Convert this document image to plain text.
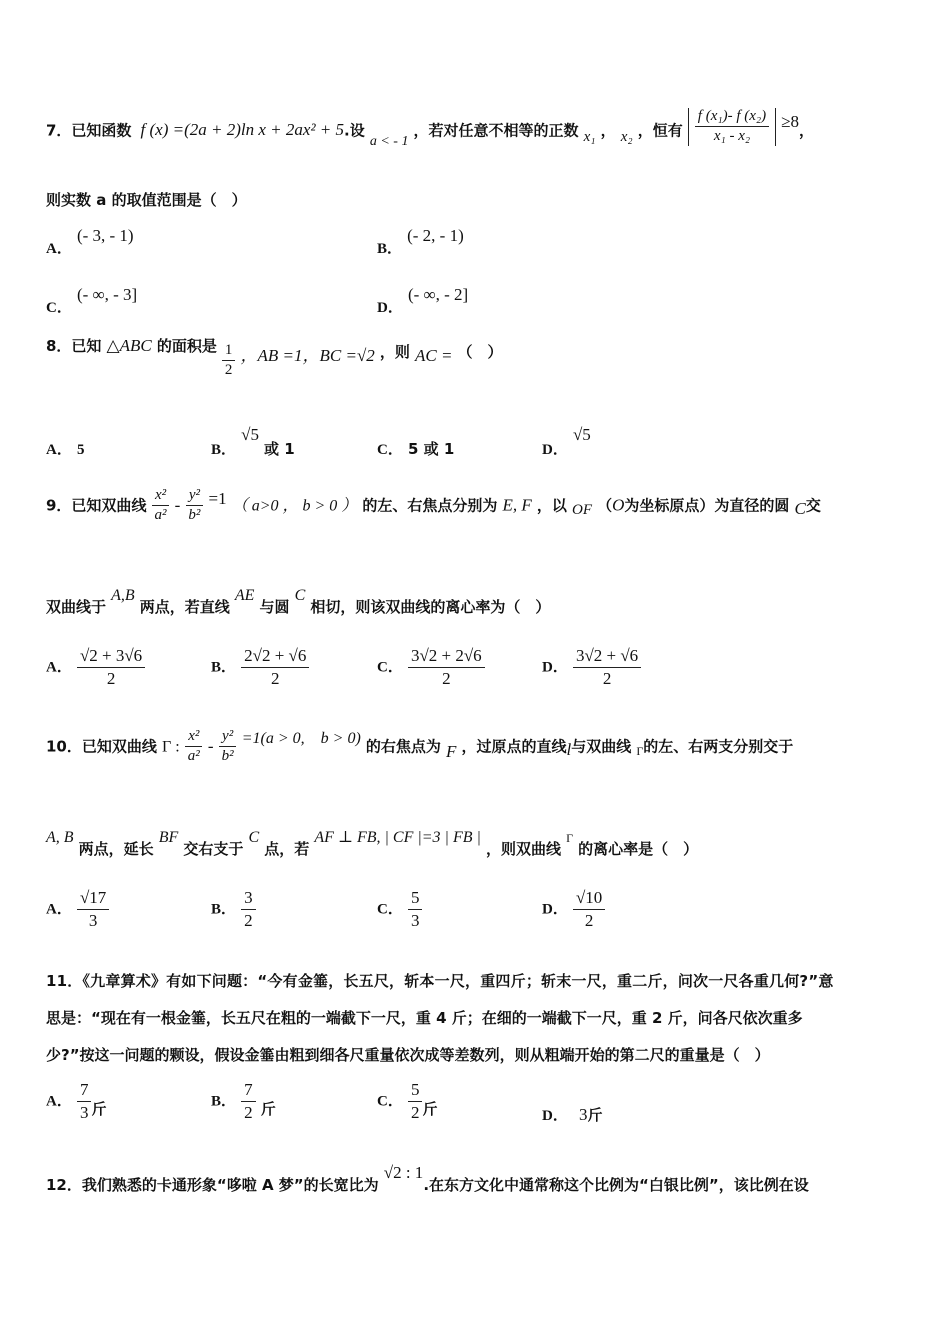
7．已知函数 f (x) =(2a + 2)ln x + 2ax² + 5.设 a < - 1 ，若对任意不相等的正数 x₁ ， x₂ ，恒有 $\frac{\text{f (x₁)- f (x₂)}}{\text{x₁ - x₂}} \ge 8$，
则实数 a 的取值范围是（　）
A． (- 3, - 1)
B． (- 2, - 1)
C． (- ∞, - 3]
D． (- ∞, - 2]
8．已知 △ABC 的面积是 $\frac{1}{2}$ ，AB =1，BC =√2 ，则 AC = （　）
A． 5	B． √5 或 1	C． 5 或 1	D． √5
9．已知双曲线 $\frac{\text{x²}}{\text{a²}} - \frac{\text{y²}}{\text{b²}} =1$ （ a>0 ， b > 0 ） 的左、右焦点分别为 E, F ，以 OF （O为坐标原点）为直径的圆 C交
双曲线于 A,B 两点，若直线 AE 与圆 C 相切，则该双曲线的离心率为（　）
A． $\frac{√2 + 3√6}{2}$	B． $\frac{2√2 + √6}{2}$	C． $\frac{3√2 + 2√6}{2}$	D． $\frac{3√2 + √6}{2}$
10．已知双曲线 Γ : $\frac{\text{x²}}{\text{a²}} - \frac{\text{y²}}{\text{b²}} =1(a > 0$,　b > 0) 的右焦点为 F ，过原点的直线l与双曲线 $_\Gamma$的左、右两支分别交于
A, B 两点，延长 BF 交右支于 C 点，若 AF ⊥ FB, | CF |=3 | FB | ，则双曲线 Γ 的离心率是（　）
A． $\frac{√17}{3}$	B． $\frac{3}{2}$	C． $\frac{5}{3}$	D． $\frac{√10}{2}$
11．《九章算术》有如下问题：“今有金箠，长五尺，斩本一尺，重四斤；斩末一尺，重二斤，问次一尺各重几何?”意
思是：“现在有一根金箠，长五尺在粗的一端截下一尺，重 4 斤；在细的一端截下一尺，重 2 斤，问各尺依次重多
少?”按这一问题的颗设，假设金箠由粗到细各尺重量依次成等差数列，则从粗端开始的第二尺的重量是（　）
A． $\frac{7}{3}$ 斤	B． $\frac{7}{2}$ 斤	C． $\frac{5}{2}$ 斤	D． 3斤
12．我们熟悉的卡通形象“哆啦 A 梦”的长宽比为 √2 : 1.在东方文化中通常称这个比例为“白银比例”，该比例在设
